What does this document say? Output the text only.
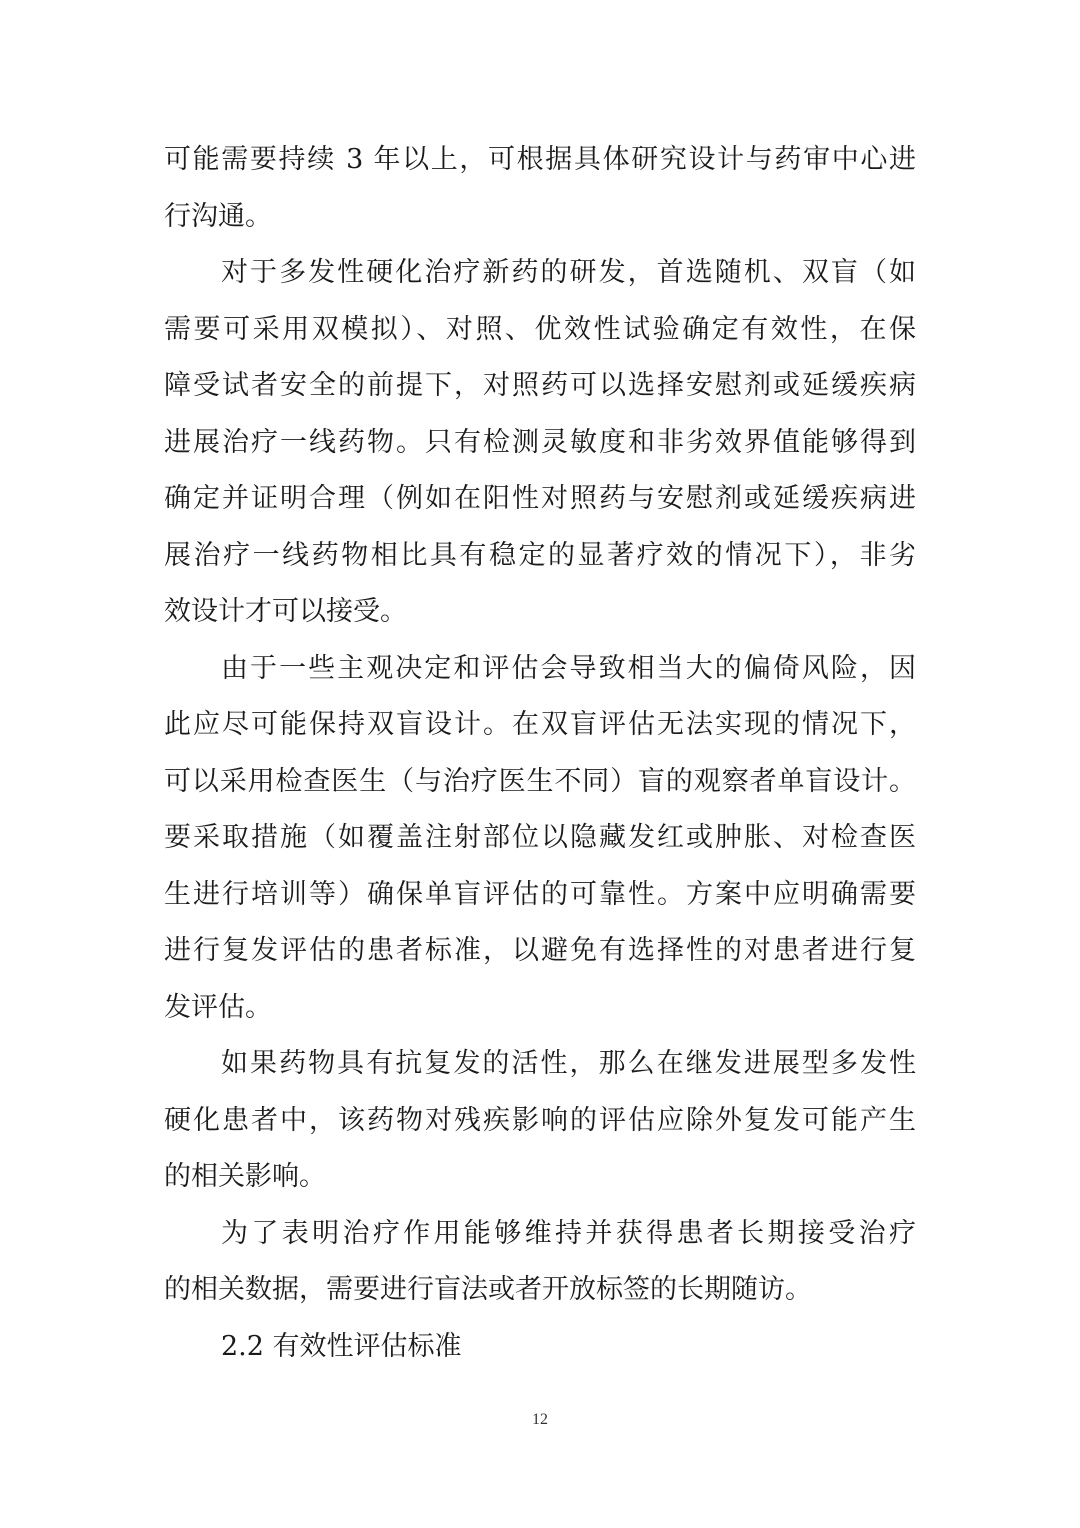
可能需要持续 3 年以上，可根据具体研究设计与药审中心进
行沟通。
对于多发性硬化治疗新药的研发，首选随机、双盲（如
需要可采用双模拟）、对照、优效性试验确定有效性，在保
障受试者安全的前提下，对照药可以选择安慰剂或延缓疾病
进展治疗一线药物。只有检测灵敏度和非劣效界值能够得到
确定并证明合理（例如在阳性对照药与安慰剂或延缓疾病进
展治疗一线药物相比具有稳定的显著疗效的情况下），非劣
效设计才可以接受。
由于一些主观决定和评估会导致相当大的偏倚风险，因
此应尽可能保持双盲设计。在双盲评估无法实现的情况下，
可以采用检查医生（与治疗医生不同）盲的观察者单盲设计。
要采取措施（如覆盖注射部位以隐藏发红或肿胀、对检查医
生进行培训等）确保单盲评估的可靠性。方案中应明确需要
进行复发评估的患者标准，以避免有选择性的对患者进行复
发评估。
如果药物具有抗复发的活性，那么在继发进展型多发性
硬化患者中，该药物对残疾影响的评估应除外复发可能产生
的相关影响。
为了表明治疗作用能够维持并获得患者长期接受治疗
的相关数据，需要进行盲法或者开放标签的长期随访。
2.2 有效性评估标准
12
